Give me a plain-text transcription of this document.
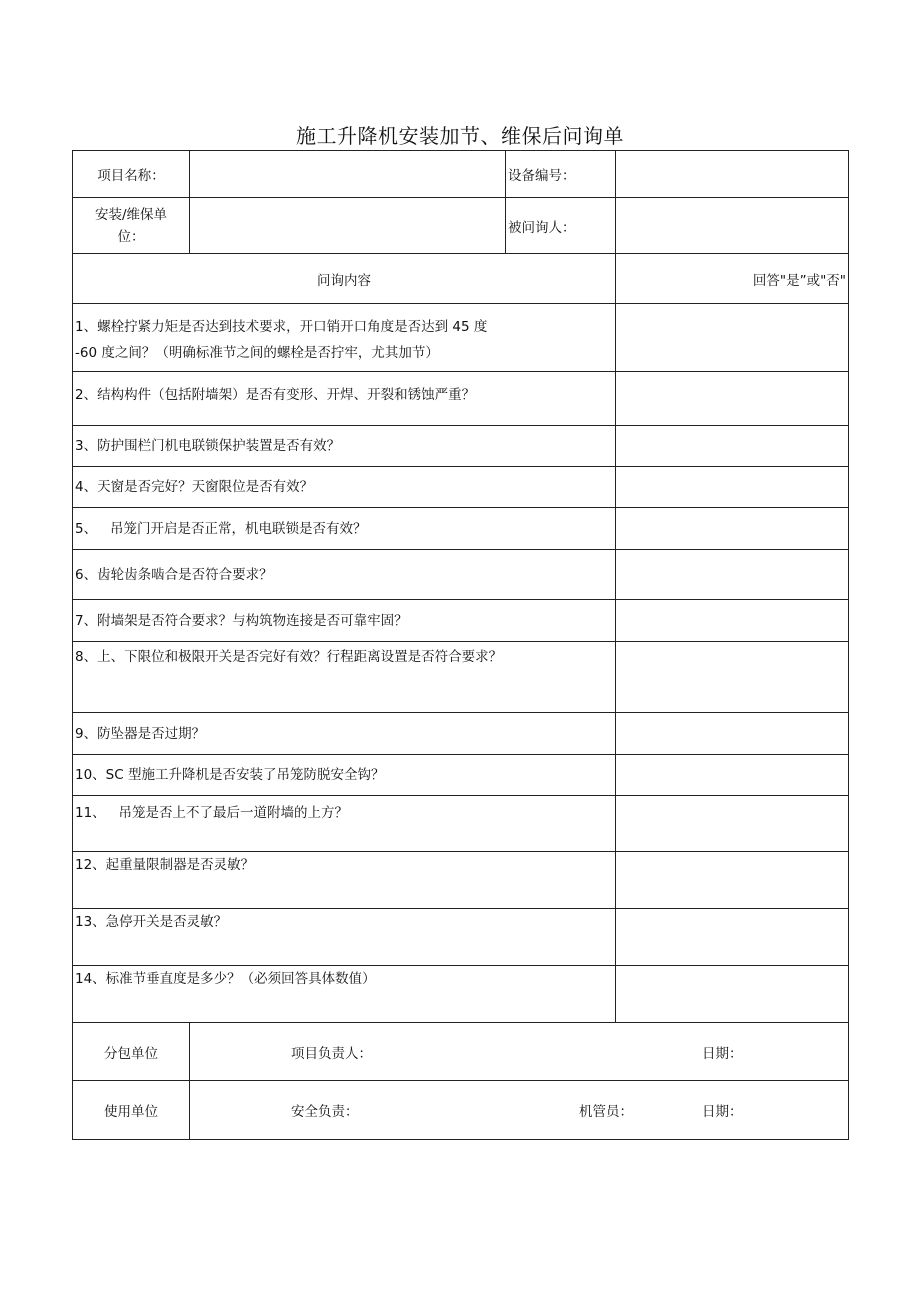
施工升降机安装加节、维保后问询单
项目名称：		设备编号：	
安装/维保单
位：		被问询人：	
问询内容			回答"是”或"否"
1、螺栓拧紧力矩是否达到技术要求，开口销开口角度是否达到 45 度
-60 度之间？（明确标准节之间的螺栓是否拧牢，尤其加节）			
2、结构构件（包括附墙架）是否有变形、开焊、开裂和锈蚀严重？			
3、防护围栏门机电联锁保护装置是否有效？			
4、天窗是否完好？天窗限位是否有效？			
5、   吊笼门开启是否正常，机电联锁是否有效？			
6、齿轮齿条啮合是否符合要求？			
7、附墙架是否符合要求？与构筑物连接是否可靠牢固？			
8、上、下限位和极限开关是否完好有效？行程距离设置是否符合要求？			
9、防坠器是否过期？			
10、SC 型施工升降机是否安装了吊笼防脱安全钩？			
11、   吊笼是否上不了最后一道附墙的上方？			
12、起重量限制器是否灵敏？			
13、急停开关是否灵敏？			
14、标准节垂直度是多少？（必须回答具体数值）			
分包单位	项目负责人： 日期：		

使用单位	安全负责： 机管员： 日期：		
